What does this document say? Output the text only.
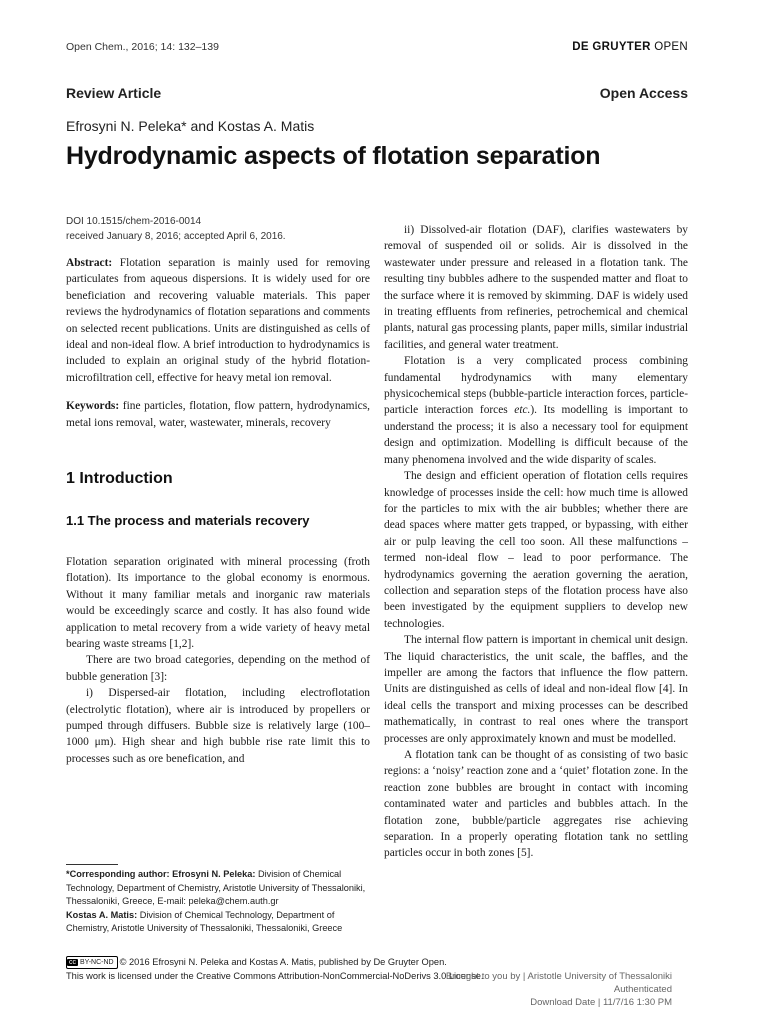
Open Chem., 2016; 14: 132–139	DE GRUYTER OPEN
Review Article	Open Access
Efrosyni N. Peleka* and Kostas A. Matis
Hydrodynamic aspects of flotation separation
DOI 10.1515/chem-2016-0014
received January 8, 2016; accepted April 6, 2016.

Abstract: Flotation separation is mainly used for removing particulates from aqueous dispersions. It is widely used for ore beneficiation and recovering valuable materials. This paper reviews the hydrodynamics of flotation separations and comments on selected recent publications. Units are distinguished as cells of ideal and non-ideal flow. A brief introduction to hydrodynamics is included to explain an original study of the hybrid flotation-microfiltration cell, effective for heavy metal ion removal.

Keywords: fine particles, flotation, flow pattern, hydrodynamics, metal ions removal, water, wastewater, minerals, recovery

1 Introduction
1.1 The process and materials recovery

Flotation separation originated with mineral processing (froth flotation). Its importance to the global economy is enormous. Without it many familiar metals and inorganic raw materials would be exceedingly scarce and costly. It has also found wide application to metal recovery from a wide variety of heavy metal bearing waste streams [1,2].

There are two broad categories, depending on the method of bubble generation [3]:

i) Dispersed-air flotation, including electroflotation (electrolytic flotation), where air is introduced by propellers or pumped through diffusers. Bubble size is relatively large (100–1000 μm). High shear and high bubble rise rate limit this to processes such as ore benefication, and

ii) Dissolved-air flotation (DAF), clarifies wastewaters by removal of suspended oil or solids. Air is dissolved in the wastewater under pressure and released in a flotation tank. The resulting tiny bubbles adhere to the suspended matter and float to the surface where it is removed by skimming. DAF is widely used in treating effluents from refineries, petrochemical and chemical plants, natural gas processing plants, paper mills, similar industrial facilities, and general water treatment.

Flotation is a very complicated process combining fundamental hydrodynamics with many elementary physicochemical steps (bubble-particle interaction forces, particle-particle interaction forces etc.). Its modelling is important to understand the process; it is also a necessary tool for equipment design and optimization. Modelling is difficult because of the many phenomena involved and the wide disparity of scales.

The design and efficient operation of flotation cells requires knowledge of processes inside the cell: how much time is allowed for the particles to mix with the air bubbles; whether there are dead spaces where matter gets trapped, or bypassing, with either air or pulp leaving the cell too soon. All these malfunctions – termed non-ideal flow – lead to poor performance. The hydrodynamics governing the aeration governing the aeration, collection and separation steps of the flotation process have also been investigated by the equipment suppliers to develop new technologies.

The internal flow pattern is important in chemical unit design. The liquid characteristics, the unit scale, the baffles, and the impeller are among the factors that influence the flow pattern. Units are distinguished as cells of ideal and non-ideal flow [4]. In ideal cells the transport and mixing processes can be described mathematically, in contrast to real ones where the transport processes are only approximately known and must be modelled.

A flotation tank can be thought of as consisting of two basic regions: a ‘noisy’ reaction zone and a ‘quiet’ flotation zone. In the reaction zone bubbles are brought in contact with incoming contaminated water and particles and bubbles attach. In the flotation zone, bubble/particle aggregates rise achieving separation. In a properly operating flotation tank no settling particles occur in both zones [5].

*Corresponding author: Efrosyni N. Peleka: Division of Chemical Technology, Department of Chemistry, Aristotle University of Thessaloniki, Thessaloniki, Greece, E-mail: peleka@chem.auth.gr
Kostas A. Matis: Division of Chemical Technology, Department of Chemistry, Aristotle University of Thessaloniki, Thessaloniki, Greece
cc BY-NC-ND © 2016 Efrosyni N. Peleka and Kostas A. Matis, published by De Gruyter Open.
This work is licensed under the Creative Commons Attribution-NonCommercial-NoDerivs 3.0 License.
Brought to you by | Aristotle University of Thessaloniki
Authenticated
Download Date | 11/7/16 1:30 PM
